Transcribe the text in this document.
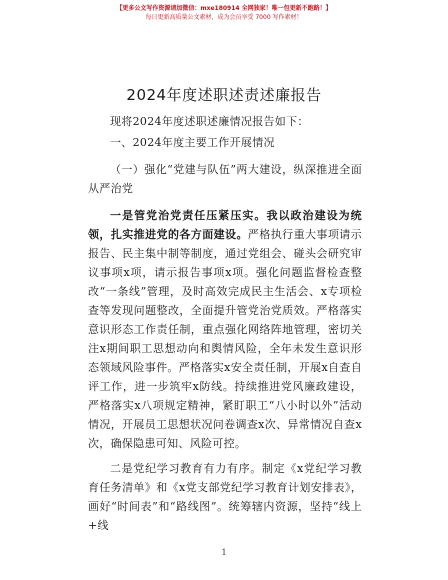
【更多公文写作资源请加微信：mxe180914 全网独家！唯一包更新不跑路！】
每日更新高质量公文素材，成为会员享受 7000 写作素材！
2024年度述职述责述廉报告

现将2024年度述职述廉情况报告如下：

一、2024年度主要工作开展情况

（一）强化“党建与队伍”两大建设，纵深推进全面从严治党

一是管党治党责任压紧压实。我以政治建设为统领，扎实推进党的各方面建设。严格执行重大事项请示报告、民主集中制等制度，通过党组会、碰头会研究审议事项x项，请示报告事项x项。强化问题监督检查整改“一条线”管理，及时高效完成民主生活会、x专项检查等发现问题整改，全面提升管党治党质效。严格落实意识形态工作责任制，重点强化网络阵地管理，密切关注x期间职工思想动向和舆情风险，全年未发生意识形态领域风险事件。严格落实x安全责任制，开展x自查自评工作，进一步筑牢x防线。持续推进党风廉政建设，严格落实x八项规定精神，紧盯职工“八小时以外”活动情况，开展员工思想状况问卷调查x次、异常情况自查x次，确保隐患可知、风险可控。

二是党纪学习教育有力有序。制定《x党纪学习教育任务清单》和《x党支部党纪学习教育计划安排表》，画好“时间表”和“路线图”。统筹辖内资源，坚持“线上+线

1
